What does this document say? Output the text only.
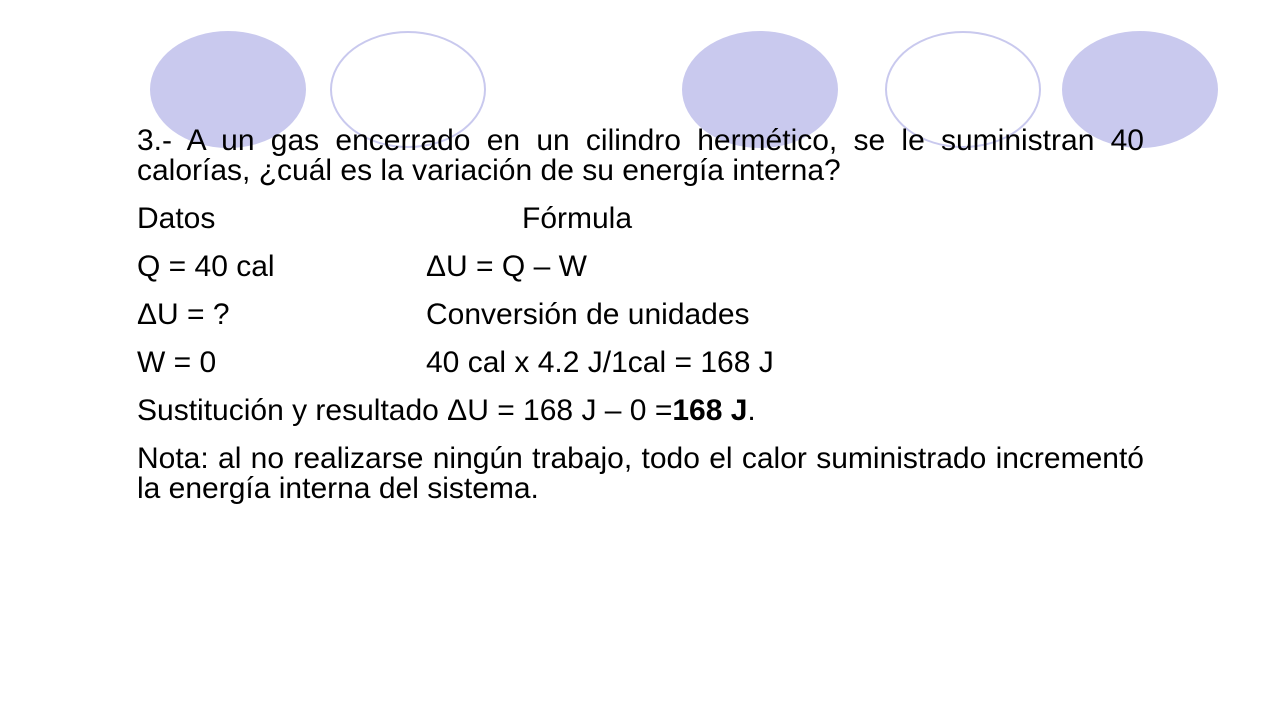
3.- A un gas encerrado en un cilindro hermético, se le suministran 40 calorías, ¿cuál es la variación de su energía interna?
Datos	Fórmula
Q = 40 cal	ΔU = Q – W
ΔU = ?	Conversión de unidades
W = 0	40 cal x 4.2 J/1cal = 168 J
Sustitución y resultado ΔU = 168 J – 0 = 168 J .
Nota: al no realizarse ningún trabajo, todo el calor suministrado incrementó la energía interna del sistema.
